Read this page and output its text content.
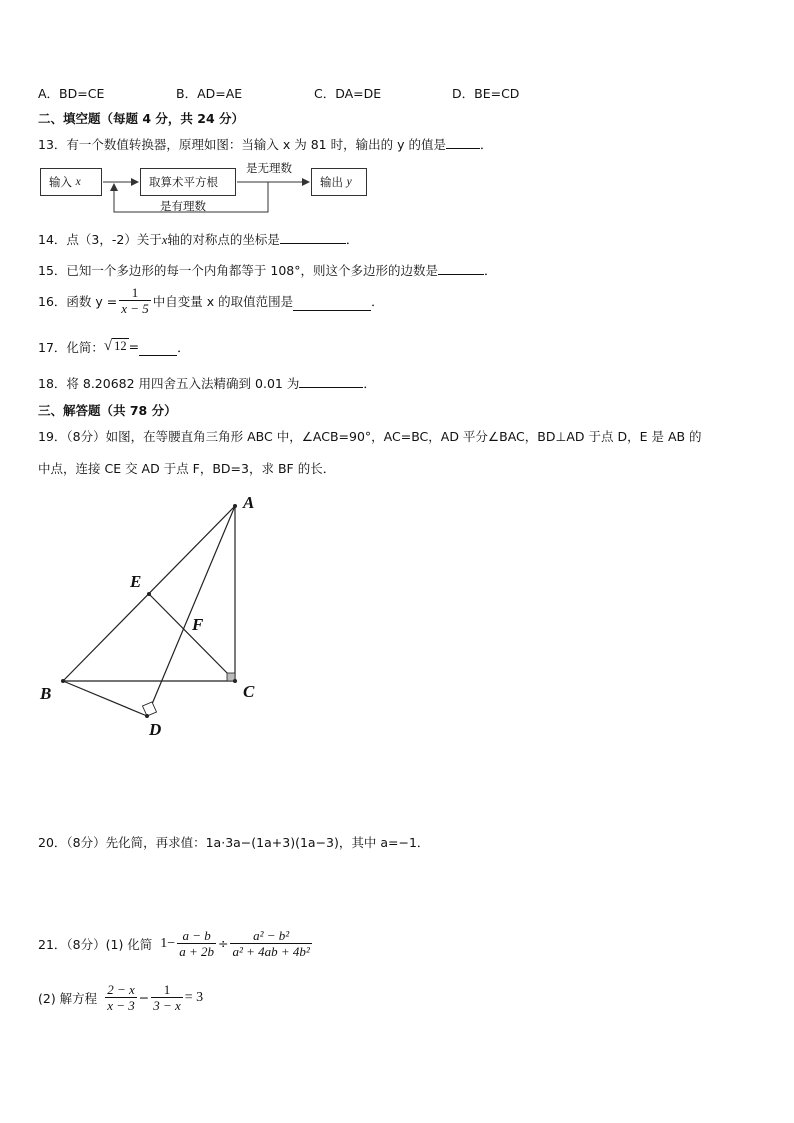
A．BD=CE	B．AD=AE	C．DA=DE	D．BE=CD
二、填空题（每题 4 分，共 24 分）
13．有一个数值转换器，原理如图：当输入 x 为 81 时，输出的 y 的值是	．
输入
x	取算术平方根	输出
y
是无理数
是有理数
14．点（3，-2）关于x轴的对称点的坐标是	．
15．已知一个多边形的每一个内角都等于 108°，则这个多边形的边数是	．
16．函数 $y = \frac{1}{x - 5}$ 中自变量 x 的取值范围是	．
17．化简： √ 12 =	．
18．将 8.20682 用四舍五入法精确到 0.01 为	．
三、解答题（共 78 分）
19．（8分）如图，在等腰直角三角形 ABC 中，∠ACB=90°，AC=BC，AD 平分∠BAC，BD⊥AD 于点 D，E 是 AB 的
中点，连接 CE 交 AD 于点 F，BD=3，求 BF 的长．
A
E
F
B	C
D
20．（8分）先化简，再求值：1a·3a−(1a+3)(1a−3)，其中 a=−1．
21．（8分）(1) 化简 $1- \frac{a - b}{a + 2b} \div \frac{\text{a² − b²}}{\text{a² + 4ab + 4b²}}$
(2) 解方程 $\frac{2 - x}{x - 3} - \frac{1}{3 - x} = 3$
